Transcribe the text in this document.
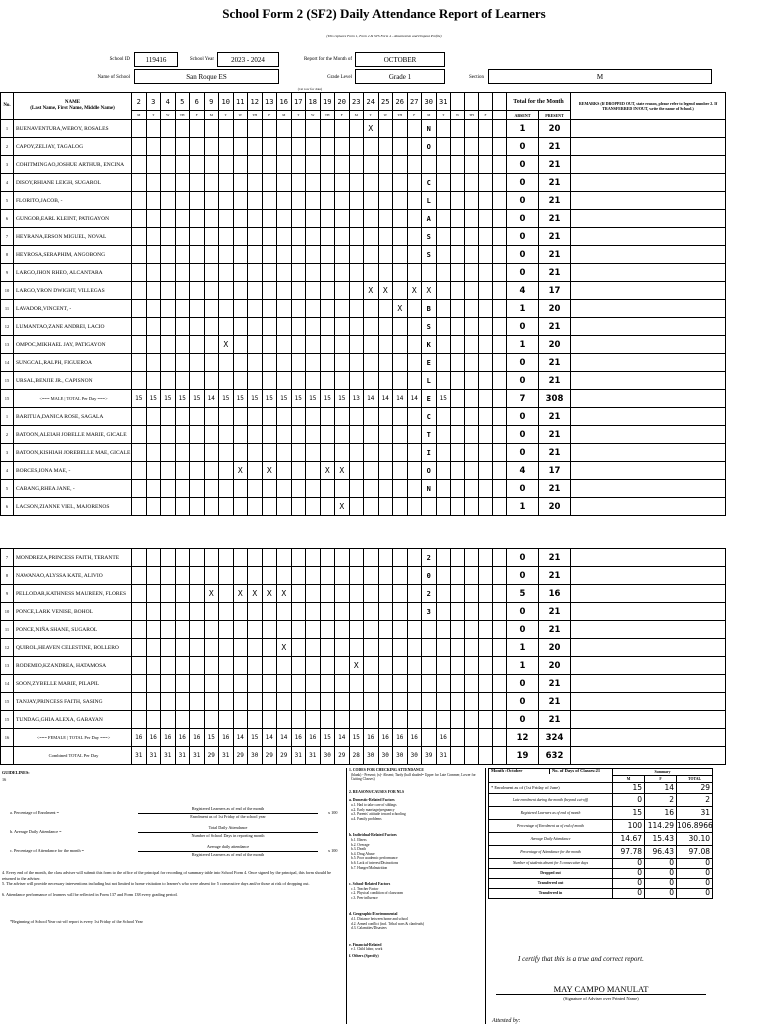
School Form 2 (SF2) Daily Attendance Report of Learners
(This replaces Form 1, Form 2 & STS Form 4 - Absenteeism and Dropout Profile)
School ID	119416	School Year	2023 - 2024	Report for the Month of	OCTOBER
Name of School	San Roque ES	Grade Level	Grade 1	Section	M
(1st row for date)
No.	NAME
(Last Name, First Name, Middle Name)	2	3	4	5	6	9	10	11	12	13	16	17	18	19	20	23	24	25	26	27	30	31					Total for the Month		REMARKS (If DROPPED OUT, state reason, please refer to legend number 2. If TRANSFERRED IN/OUT, write the name of School.)
		M	T	W	TH	F	M	T	W	TH	F	M	T	W	TH	F	M	T	W	TH	F	M	T	W	TH	F		ABSENT	PRESENT	
1	BUENAVENTURA,WEBOY, ROSALES																	X				N						1	20	
2	CAPOY,ZELJAY, TAGALOG																					O						0	21	
3	COHITMINGAO,JOSHUE ARTHUR, ENCINA																											0	21	
4	DISOY,RHIANE LEIGH, SUGAROL																					C						0	21	
5	FLORITO,JACOB, -																					L						0	21	
6	GUNGOB,EARL KLEINT, PATIGAYON																					A						0	21	
7	HEYRANA,ERSON MIGUEL, NOVAL																					S						0	21	
8	HEYROSA,SERAPHIM, ANGOBONG																					S						0	21	
9	LARGO,JHON RHEO, ALCANTARA																											0	21	
10	LARGO,YRON DWIGHT, VILLEGAS																	X	X		X	X						4	17	
11	LAVADOR,VINCENT, -																			X		B						1	20	
12	LUMANTAO,ZANE ANDREI, LACIO																					S						0	21	
13	OMPOC,MIKHAEL JAY, PATIGAYON							X														K						1	20	
14	SUNGCAL,RALPH, FIGUEROA																					E						0	21	
15	URSAL,BENJIE JR., CAPISNON																					L						0	21	
15	<=== MALE | TOTAL Per Day ===>	15	15	15	15	15	14	15	15	15	15	15	15	15	15	15	13	14	14	14	14	E	15					7	308	
1	BARITUA,DANICA ROSE, SAGALA																					C						0	21	
2	BATOON,ALEIAH JOBELLE MARIE, GICALE																					T						0	21	
3	BATOON,KISHIAH JOREBELLE MAE, GICALE																					I						0	21	
4	BORCES,IONA MAE, -								X		X				X	X						O						4	17	
5	CABANG,RHEA JANE, -																					N						0	21	
6	LACSON,ZIANNE VIEL, MAJORENOS															X												1	20	
7	MONDREZA,PRINCESS FAITH, TERANTE																					2						0	21	
8	NAWANAO,ALYSSA KATE, ALIVIO																					0						0	21	
9	PELLODAR,KATHNESS MAUREEN, FLORES						X		X	X	X	X										2						5	16	
10	PONCE,LARK VENISE, BOHOL																					3						0	21	
11	PONCE,NIÑA SHANE, SUGAROL																											0	21	
12	QUIROL,HEAVEN CELESTINE, BOLLERO											X																1	20	
13	RODEMIO,KZANDREA, HATAMOSA																X											1	20	
14	SOON,ZYBELLE MARIE, PILAPIL																											0	21	
15	TANJAY,PRINCESS FAITH, SASING																											0	21	
15	TUNDAG,GHIA ALEXA, GABAYAN																											0	21	
16	<=== FEMALE | TOTAL Per Day ===>	16	16	16	16	16	15	16	14	15	14	14	16	16	15	14	15	16	16	16	16		16					12	324	
	Combined TOTAL Per Day	31	31	31	31	31	29	31	29	30	29	29	31	31	30	29	28	30	30	30	30	39	31					19	632	
GUIDELINES:
16
a. Percentage of Enrolment =
Registered Learners as of end of the month
Enrolment as of 1st Friday of the school year
x 100
b. Average Daily Attendance =
Total Daily Attendance
Number of School Days in reporting month
c. Percentage of Attendance for the month =
Average daily attendance
Registered Learners as of end of the month
x 100
4. Every end of the month, the class adviser will submit this form to the office of the principal for recording of summary table into School Form 4. Once signed by the principal, this form should be returned to the adviser.
5. The adviser will provide necessary interventions including but not limited to home visitation to learner's who were absent for 5 consecutive days and/or those at risk of dropping out.
6. Attendance performance of learners will be reflected in Form 137 and Form 138 every grading period.
*Beginning of School Year cut-off report is every 1st Friday of the School Year
1. CODES FOR CHECKING ATTENDANCE
(blank) - Present; (x)- Absent; Tardy (half shaded= Upper for Late Commer, Lower for Cutting Classes)
2. REASONS/CAUSES FOR NLS
a. Domestic-Related Factors
a.1. Had to take care of siblings
a.2. Early marriage/pregnancy
a.3. Parents' attitude toward schooling
a.4. Family problems
b. Individual-Related Factors
b.1. Illness
b.2. Overage
b.3. Death
b.4. Drug Abuse
b.5. Poor academic performance
b.6. Lack of interest/Distractions
b.7. Hunger/Malnutrition
c. School-Related Factors
c.1. Teacher Factor
c.2. Physical condition of classroom
c.3. Peer influence
d. Geographic/Environmental
d.1. Distance between home and school
d.2. Armed conflict (incl. Tribal wars & clanfeuds)
d.3. Calamities/Disasters
e. Financial-Related
e.1. Child labor, work
f. Others (Specify)
Month :October No. of Days of Classes:21	Summary		
	M	F	TOTAL
* Enrolment as of (1st Friday of June)	15	14	29
Late enrolment during the month (beyond cut-off)	0	2	2
Registered Learners as of end of month	15	16	31
Percentage of Enrolment as of end of month	100	114.29	106.8966
Average Daily Attendance	14.67	15.43	30.10
Percentage of Attendance for the month	97.78	96.43	97.08
Number of students absent for 5 consecutive days	0	0	0
Dropped out	0	0	0
Transferred out	0	0	0
Transferred in	0	0	0
I certify that this is a true and correct report.
MAY CAMPO MANULAT
(Signature of Adviser over Printed Name)
Attested by:
